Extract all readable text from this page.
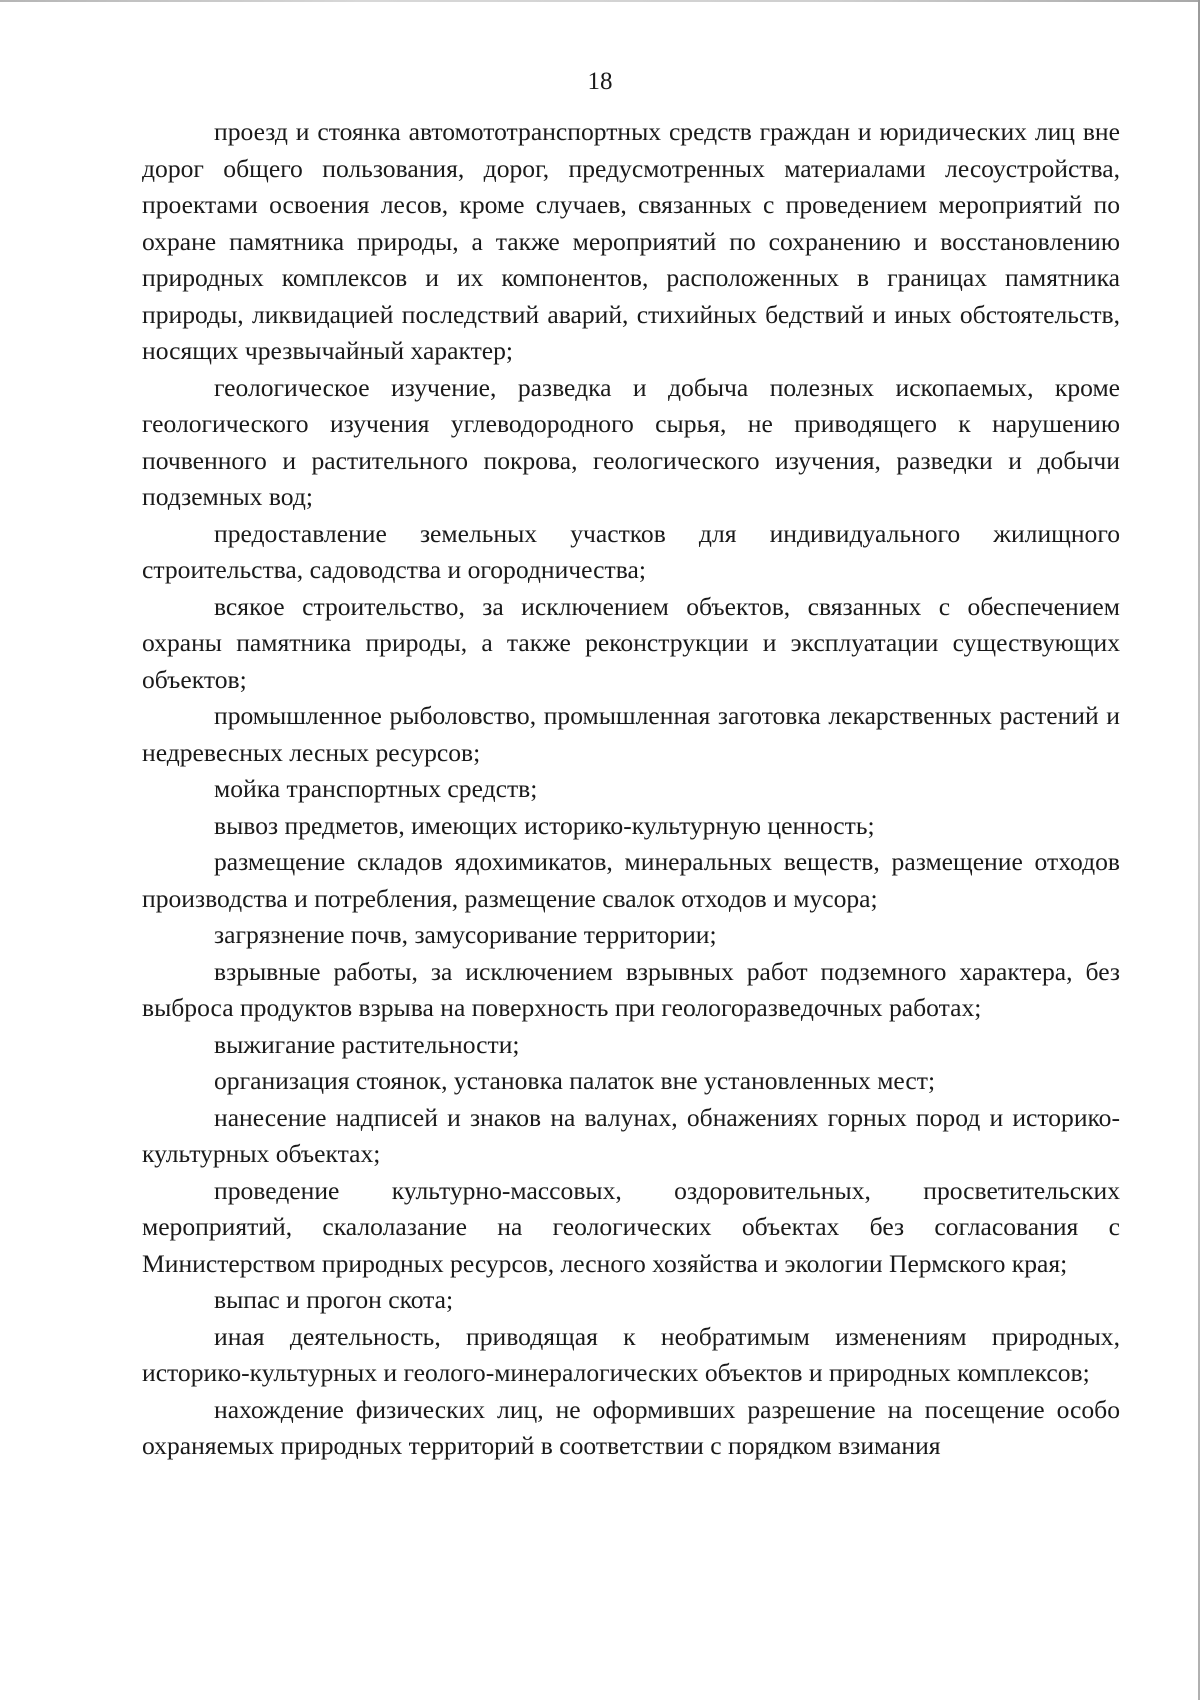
18

проезд и стоянка автомототранспортных средств граждан и юридических лиц вне дорог общего пользования, дорог, предусмотренных материалами лесоустройства, проектами освоения лесов, кроме случаев, связанных с проведением мероприятий по охране памятника природы, а также мероприятий по сохранению и восстановлению природных комплексов и их компонентов, расположенных в границах памятника природы, ликвидацией последствий аварий, стихийных бедствий и иных обстоятельств, носящих чрезвычайный характер;

геологическое изучение, разведка и добыча полезных ископаемых, кроме геологического изучения углеводородного сырья, не приводящего к нарушению почвенного и растительного покрова, геологического изучения, разведки и добычи подземных вод;

предоставление земельных участков для индивидуального жилищного строительства, садоводства и огородничества;

всякое строительство, за исключением объектов, связанных с обеспечением охраны памятника природы, а также реконструкции и эксплуатации существующих объектов;

промышленное рыболовство, промышленная заготовка лекарственных растений и недревесных лесных ресурсов;

мойка транспортных средств;

вывоз предметов, имеющих историко-культурную ценность;

размещение складов ядохимикатов, минеральных веществ, размещение отходов производства и потребления, размещение свалок отходов и мусора;

загрязнение почв, замусоривание территории;

взрывные работы, за исключением взрывных работ подземного характера, без выброса продуктов взрыва на поверхность при геологоразведочных работах;

выжигание растительности;

организация стоянок, установка палаток вне установленных мест;

нанесение надписей и знаков на валунах, обнажениях горных пород и историко-культурных объектах;

проведение культурно-массовых, оздоровительных, просветительских мероприятий, скалолазание на геологических объектах без согласования с Министерством природных ресурсов, лесного хозяйства и экологии Пермского края;

выпас и прогон скота;

иная деятельность, приводящая к необратимым изменениям природных, историко-культурных и геолого-минералогических объектов и природных комплексов;

нахождение физических лиц, не оформивших разрешение на посещение особо охраняемых природных территорий в соответствии с порядком взимания
